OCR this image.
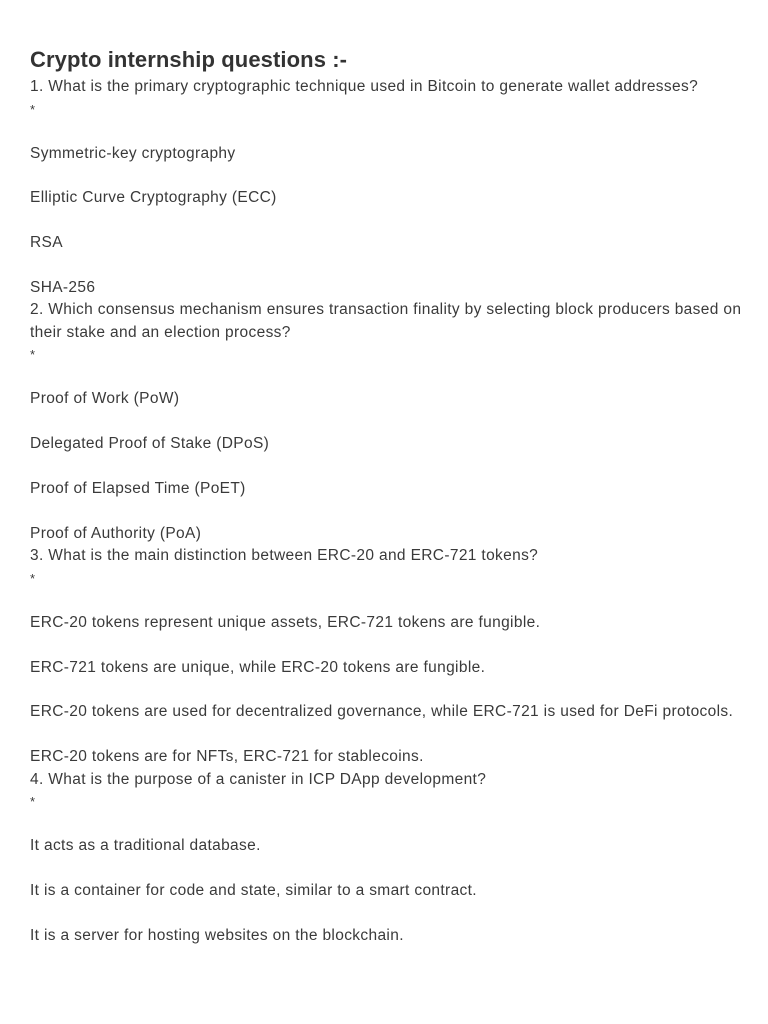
Crypto internship questions :-

1. What is the primary cryptographic technique used in Bitcoin to generate wallet addresses?

*

Symmetric-key cryptography

Elliptic Curve Cryptography (ECC)

RSA

SHA-256

2. Which consensus mechanism ensures transaction finality by selecting block producers based on their stake and an election process?

*

Proof of Work (PoW)

Delegated Proof of Stake (DPoS)

Proof of Elapsed Time (PoET)

Proof of Authority (PoA)

3. What is the main distinction between ERC-20 and ERC-721 tokens?

*

ERC-20 tokens represent unique assets, ERC-721 tokens are fungible.

ERC-721 tokens are unique, while ERC-20 tokens are fungible.

ERC-20 tokens are used for decentralized governance, while ERC-721 is used for DeFi protocols.

ERC-20 tokens are for NFTs, ERC-721 for stablecoins.

4. What is the purpose of a canister in ICP DApp development?

*

It acts as a traditional database.

It is a container for code and state, similar to a smart contract.

It is a server for hosting websites on the blockchain.
